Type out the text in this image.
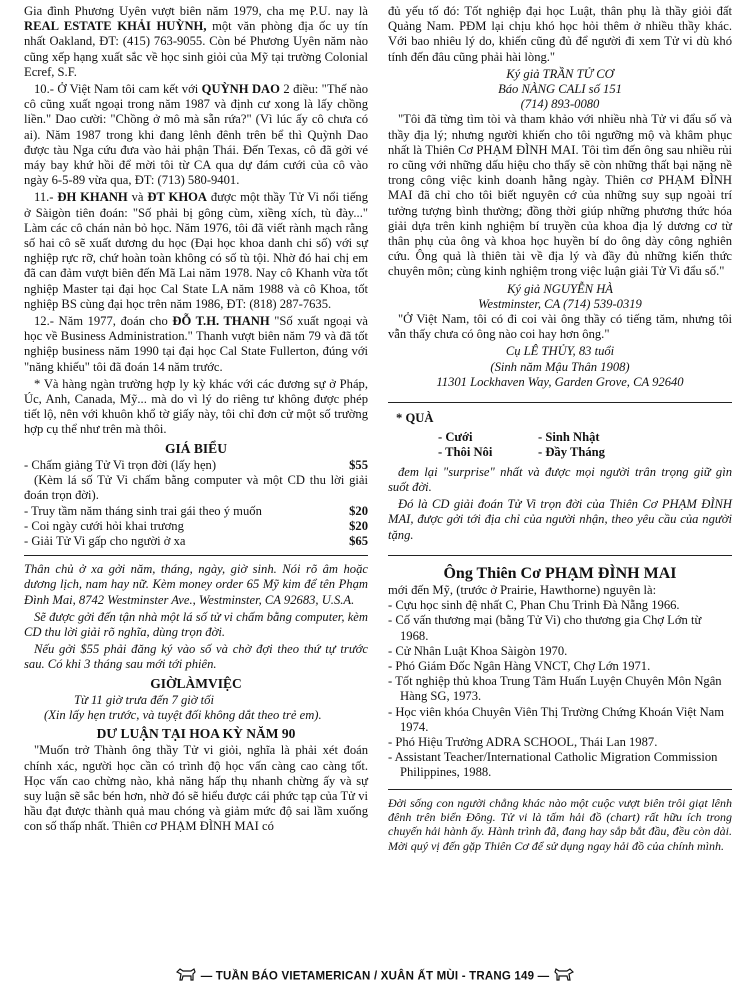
Gia đình Phương Uyên vượt biên năm 1979, cha mẹ P.U. nay là REAL ESTATE KHẢI HUỲNH, một văn phòng địa ốc uy tín nhất Oakland, ĐT: (415) 763-9055. Còn bé Phương Uyên năm nào cũng xếp hạng xuất sắc về học sinh giỏi của Mỹ tại trường Colonial Ecref, S.F.

10.- Ở Việt Nam tôi cam kết với QUỲNH DAO 2 điều: "Thế nào cô cũng xuất ngoại trong năm 1987 và định cư xong là lấy chồng liền." Dao cười: "Chồng ở mô mà sẵn rứa?" (Vì lúc ấy cô chưa có ai). Năm 1987 trong khi đang lênh đênh trên bể thì Quỳnh Dao được tàu Nga cứu đưa vào hải phận Thái. Đến Texas, cô đã gởi vé máy bay khứ hồi để mời tôi từ CA qua dự đám cưới của cô vào ngày 6-5-89 vừa qua, ĐT: (713) 580-9401.

11.- ĐH KHANH và ĐT KHOA được một thầy Tử Vi nổi tiếng ở Sàigòn tiên đoán: "Số phải bị gông cùm, xiềng xích, tù đày..." Làm các cô chán nản bỏ học. Năm 1976, tôi đã viết rành mạch rằng số hai cô sẽ xuất dương du học (Đại học khoa danh chi số) với sự nghiệp rực rỡ, chứ hoàn toàn không có số tù tội. Nhờ đó hai chị em đã can đảm vượt biên đến Mã Lai năm 1978. Nay cô Khanh vừa tốt nghiệp Master tại đại học Cal State LA năm 1988 và cô Khoa, tốt nghiệp BS cùng đại học trên năm 1986, ĐT: (818) 287-7635.

12.- Năm 1977, đoán cho ĐỖ T.H. THANH "Số xuất ngoại và học về Business Administration." Thanh vượt biên năm 79 và đã tốt nghiệp business năm 1990 tại đại học Cal State Fullerton, đúng với "năng khiếu" tôi đã đoán 14 năm trước.

* Và hàng ngàn trường hợp ly kỳ khác với các đương sự ở Pháp, Úc, Anh, Canada, Mỹ... mà do vì lý do riêng tư không được phép tiết lộ, nên với khuôn khổ tờ giấy này, tôi chỉ đơn cử một số trường hợp cụ thể như trên mà thôi.

GIÁ BIỂU
- Chấm giảng Tử Vi trọn đời (lấy hẹn)	$55

(Kèm lá số Tử Vi chấm bằng computer và một CD thu lời giải đoán trọn đời).

- Truy tầm năm tháng sinh trai gái theo ý muốn	$20
- Coi ngày cưới hỏi khai trương	$20
- Giải Tử Vi gấp cho người ở xa	$65

Thân chủ ở xa gởi năm, tháng, ngày, giờ sinh. Nói rõ âm hoặc dương lịch, nam hay nữ. Kèm money order 65 Mỹ kim để tên Phạm Đình Mai, 8742 Westminster Ave., Westminster, CA 92683, U.S.A.

Sẽ được gởi đến tận nhà một lá số tử vi chấm bằng computer, kèm CD thu lời giải rõ nghĩa, dùng trọn đời.

Nếu gởi $55 phải đăng ký vào số và chờ đợi theo thứ tự trước sau. Có khi 3 tháng sau mới tới phiên.

GIỜLÀMVIỆC

Từ 11 giờ trưa đến 7 giờ tối

(Xin lấy hẹn trước, và tuyệt đối không dắt theo trẻ em).

DƯ LUẬN TẠI HOA KỲ NĂM 90

"Muốn trở Thành ông thầy Tử vi giỏi, nghĩa là phải xét đoán chính xác, người học cần có trình độ học vấn càng cao càng tốt. Học vấn cao chừng nào, khả năng hấp thụ nhanh chừng ấy và sự suy luận sẽ sắc bén hơn, nhờ đó sẽ hiểu được cái phức tạp của Tử vi hầu đạt được thành quả mau chóng và giảm mức độ sai lầm xuống con số thấp nhất. Thiên cơ PHẠM ĐÌNH MAI có

đủ yếu tố đó: Tốt nghiệp đại học Luật, thân phụ là thầy giỏi đất Quảng Nam. PĐM lại chịu khó học hỏi thêm ở nhiều thầy khác. Với bao nhiêu lý do, khiến cũng đủ để người đi xem Tử vi dù khó tính đến đâu cũng phải hài lòng."

Ký giả TRẦN TỬ CƠ
Báo NÀNG CALI số 151
(714) 893-0080

"Tôi đã từng tìm tòi và tham khảo với nhiều nhà Tử vi đẩu số và thầy địa lý; nhưng người khiến cho tôi ngưỡng mộ và khâm phục nhất là Thiên Cơ PHẠM ĐÌNH MAI. Tôi tìm đến ông sau nhiều rủi ro cũng với những dấu hiệu cho thấy sẽ còn những thất bại nặng nề trong công việc kinh doanh hằng ngày. Thiên cơ PHẠM ĐÌNH MAI đã chỉ cho tôi biết nguyên cớ của những suy sụp ngoài trí tưởng tượng bình thường; đồng thời giúp những phương thức hóa giải dựa trên kinh nghiệm bí truyền của khoa địa lý dương cơ từ thân phụ của ông và khoa học huyền bí do ông dày công nghiên cứu. Ông quả là thiên tài về địa lý và đầy đủ những kiến thức chuyên môn; cùng kinh nghiệm trong việc luận giải Tử Vi đẩu số."

Ký giả NGUYỄN HÀ
Westminster, CA (714) 539-0319

"Ở Việt Nam, tôi có đi coi vài ông thầy có tiếng tăm, nhưng tôi vẫn thấy chưa có ông nào coi hay hơn ông."

Cụ LÊ THỦY, 83 tuổi
(Sinh năm Mậu Thân 1908)
11301 Lockhaven Way, Garden Grove, CA 92640
* QUÀ
- Cưới	- Sinh Nhật
- Thôi Nôi	- Đầy Tháng

đem lại "surprise" nhất và được mọi người trân trọng giữ gìn suốt đời.

Đó là CD giải đoán Tử Vi trọn đời của Thiên Cơ PHẠM ĐÌNH MAI, được gởi tới địa chỉ của người nhận, theo yêu cầu của người tặng.

Ông Thiên Cơ PHẠM ĐÌNH MAI

mới đến Mỹ, (trước ở Prairie, Hawthorne) nguyên là:

- Cựu học sinh đệ nhất C, Phan Chu Trinh Đà Nẵng 1966.
- Cố vấn thương mại (bằng Tử Vi) cho thương gia Chợ Lớn từ 1968.
- Cử Nhân Luật Khoa Sàigòn 1970.
- Phó Giám Đốc Ngân Hàng VNCT, Chợ Lớn 1971.
- Tốt nghiệp thủ khoa Trung Tâm Huấn Luyện Chuyên Môn Ngân Hàng SG, 1973.
- Học viên khóa Chuyên Viên Thị Trường Chứng Khoán Việt Nam 1974.
- Phó Hiệu Trưởng ADRA SCHOOL, Thái Lan 1987.
- Assistant Teacher/International Catholic Migration Commission Philippines, 1988.

Đời sống con người chẳng khác nào một cuộc vượt biên trôi giạt lênh đênh trên biển Đông. Tử vi là tấm hải đồ (chart) rất hữu ích trong chuyến hải hành ấy. Hành trình đã, đang hay sắp bắt đầu, đều còn dài. Mời quý vị đến gặp Thiên Cơ để sử dụng ngay hải đồ của chính mình.

— TUẦN BÁO VIETAMERICAN / XUÂN ẤT MÙI - TRANG 149 —
